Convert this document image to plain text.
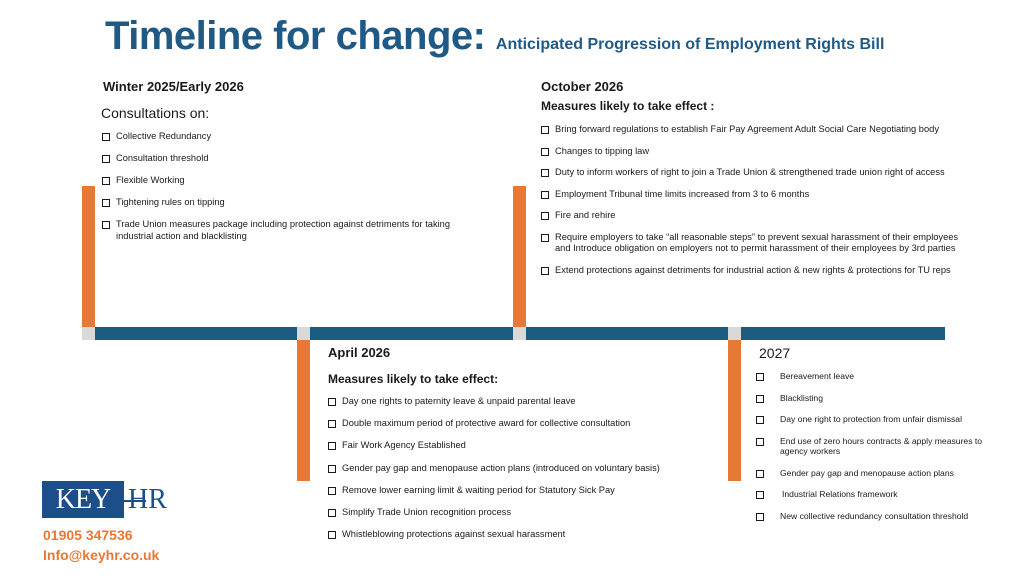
Timeline for change: Anticipated Progression of Employment Rights Bill
Winter 2025/Early 2026
Consultations on:
Collective Redundancy
Consultation threshold
Flexible Working
Tightening rules on tipping
Trade Union measures package including protection against detriments for taking industrial action and blacklisting
October 2026
Measures likely to take effect :
Bring forward regulations to establish Fair Pay Agreement Adult Social Care Negotiating body
Changes to tipping law
Duty to inform workers of right to join a Trade Union & strengthened trade union right of access
Employment Tribunal time limits increased from 3 to 6 months
Fire and rehire
Require employers to take “all reasonable steps” to prevent sexual harassment of their employees and Introduce obligation on employers not to permit harassment of their employees by 3rd parties
Extend protections against detriments for industrial action & new rights & protections for TU reps
April 2026
Measures likely to take effect:
Day one rights to paternity leave & unpaid parental leave
Double maximum period of protective award for collective consultation
Fair Work Agency Established
Gender pay gap and menopause action plans (introduced on voluntary basis)
Remove lower earning limit & waiting period for Statutory Sick Pay
Simplify Trade Union recognition process
Whistleblowing protections against sexual harassment
2027
Bereavement leave
Blacklisting
Day one right to protection from unfair dismissal
End use of zero hours contracts & apply measures to agency workers
Gender pay gap and menopause action plans
Industrial Relations framework
New collective redundancy consultation threshold
KEY HR
01905 347536
Info@keyhr.co.uk
